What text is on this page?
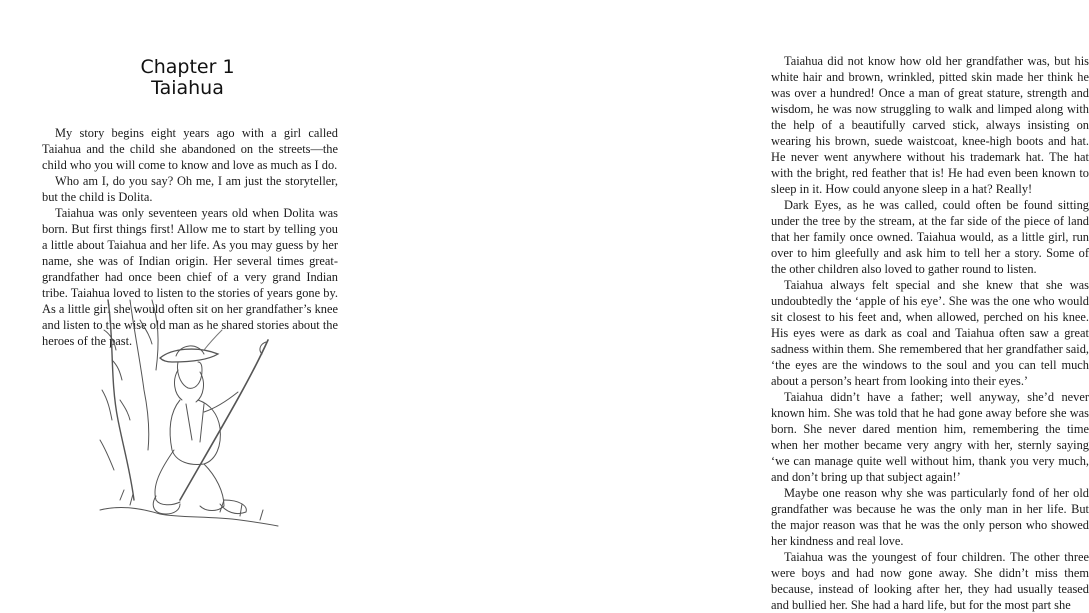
Chapter 1
Taiahua

My story begins eight years ago with a girl called Taiahua and the child she abandoned on the streets—the child who you will come to know and love as much as I do.

Who am I, do you say? Oh me, I am just the storyteller, but the child is Dolita.

Taiahua was only seventeen years old when Dolita was born. But first things first! Allow me to start by telling you a little about Taiahua and her life. As you may guess by her name, she was of Indian origin. Her several times great-grandfather had once been chief of a very grand Indian tribe. Taiahua loved to listen to the stories of years gone by. As a little girl she would often sit on her grandfather’s knee and listen to the wise old man as he shared stories about the heroes of the past.

Taiahua did not know how old her grandfather was, but his white hair and brown, wrinkled, pitted skin made her think he was over a hundred! Once a man of great stature, strength and wisdom, he was now struggling to walk and limped along with the help of a beautifully carved stick, always insisting on wearing his brown, suede waistcoat, knee-high boots and hat. He never went anywhere without his trademark hat. The hat with the bright, red feather that is! He had even been known to sleep in it. How could anyone sleep in a hat? Really!

Dark Eyes, as he was called, could often be found sitting under the tree by the stream, at the far side of the piece of land that her family once owned. Taiahua would, as a little girl, run over to him gleefully and ask him to tell her a story. Some of the other children also loved to gather round to listen.

Taiahua always felt special and she knew that she was undoubtedly the ‘apple of his eye’. She was the one who would sit closest to his feet and, when allowed, perched on his knee. His eyes were as dark as coal and Taiahua often saw a great sadness within them. She remembered that her grandfather said, ‘the eyes are the windows to the soul and you can tell much about a person’s heart from looking into their eyes.’

Taiahua didn’t have a father; well anyway, she’d never known him. She was told that he had gone away before she was born. She never dared mention him, remembering the time when her mother became very angry with her, sternly saying ‘we can manage quite well without him, thank you very much, and don’t bring up that subject again!’

Maybe one reason why she was particularly fond of her old grandfather was because he was the only man in her life. But the major reason was that he was the only person who showed her kindness and real love.

Taiahua was the youngest of four children. The other three were boys and had now gone away. She didn’t miss them because, instead of looking after her, they had usually teased and bullied her. She had a hard life, but for the most part she
